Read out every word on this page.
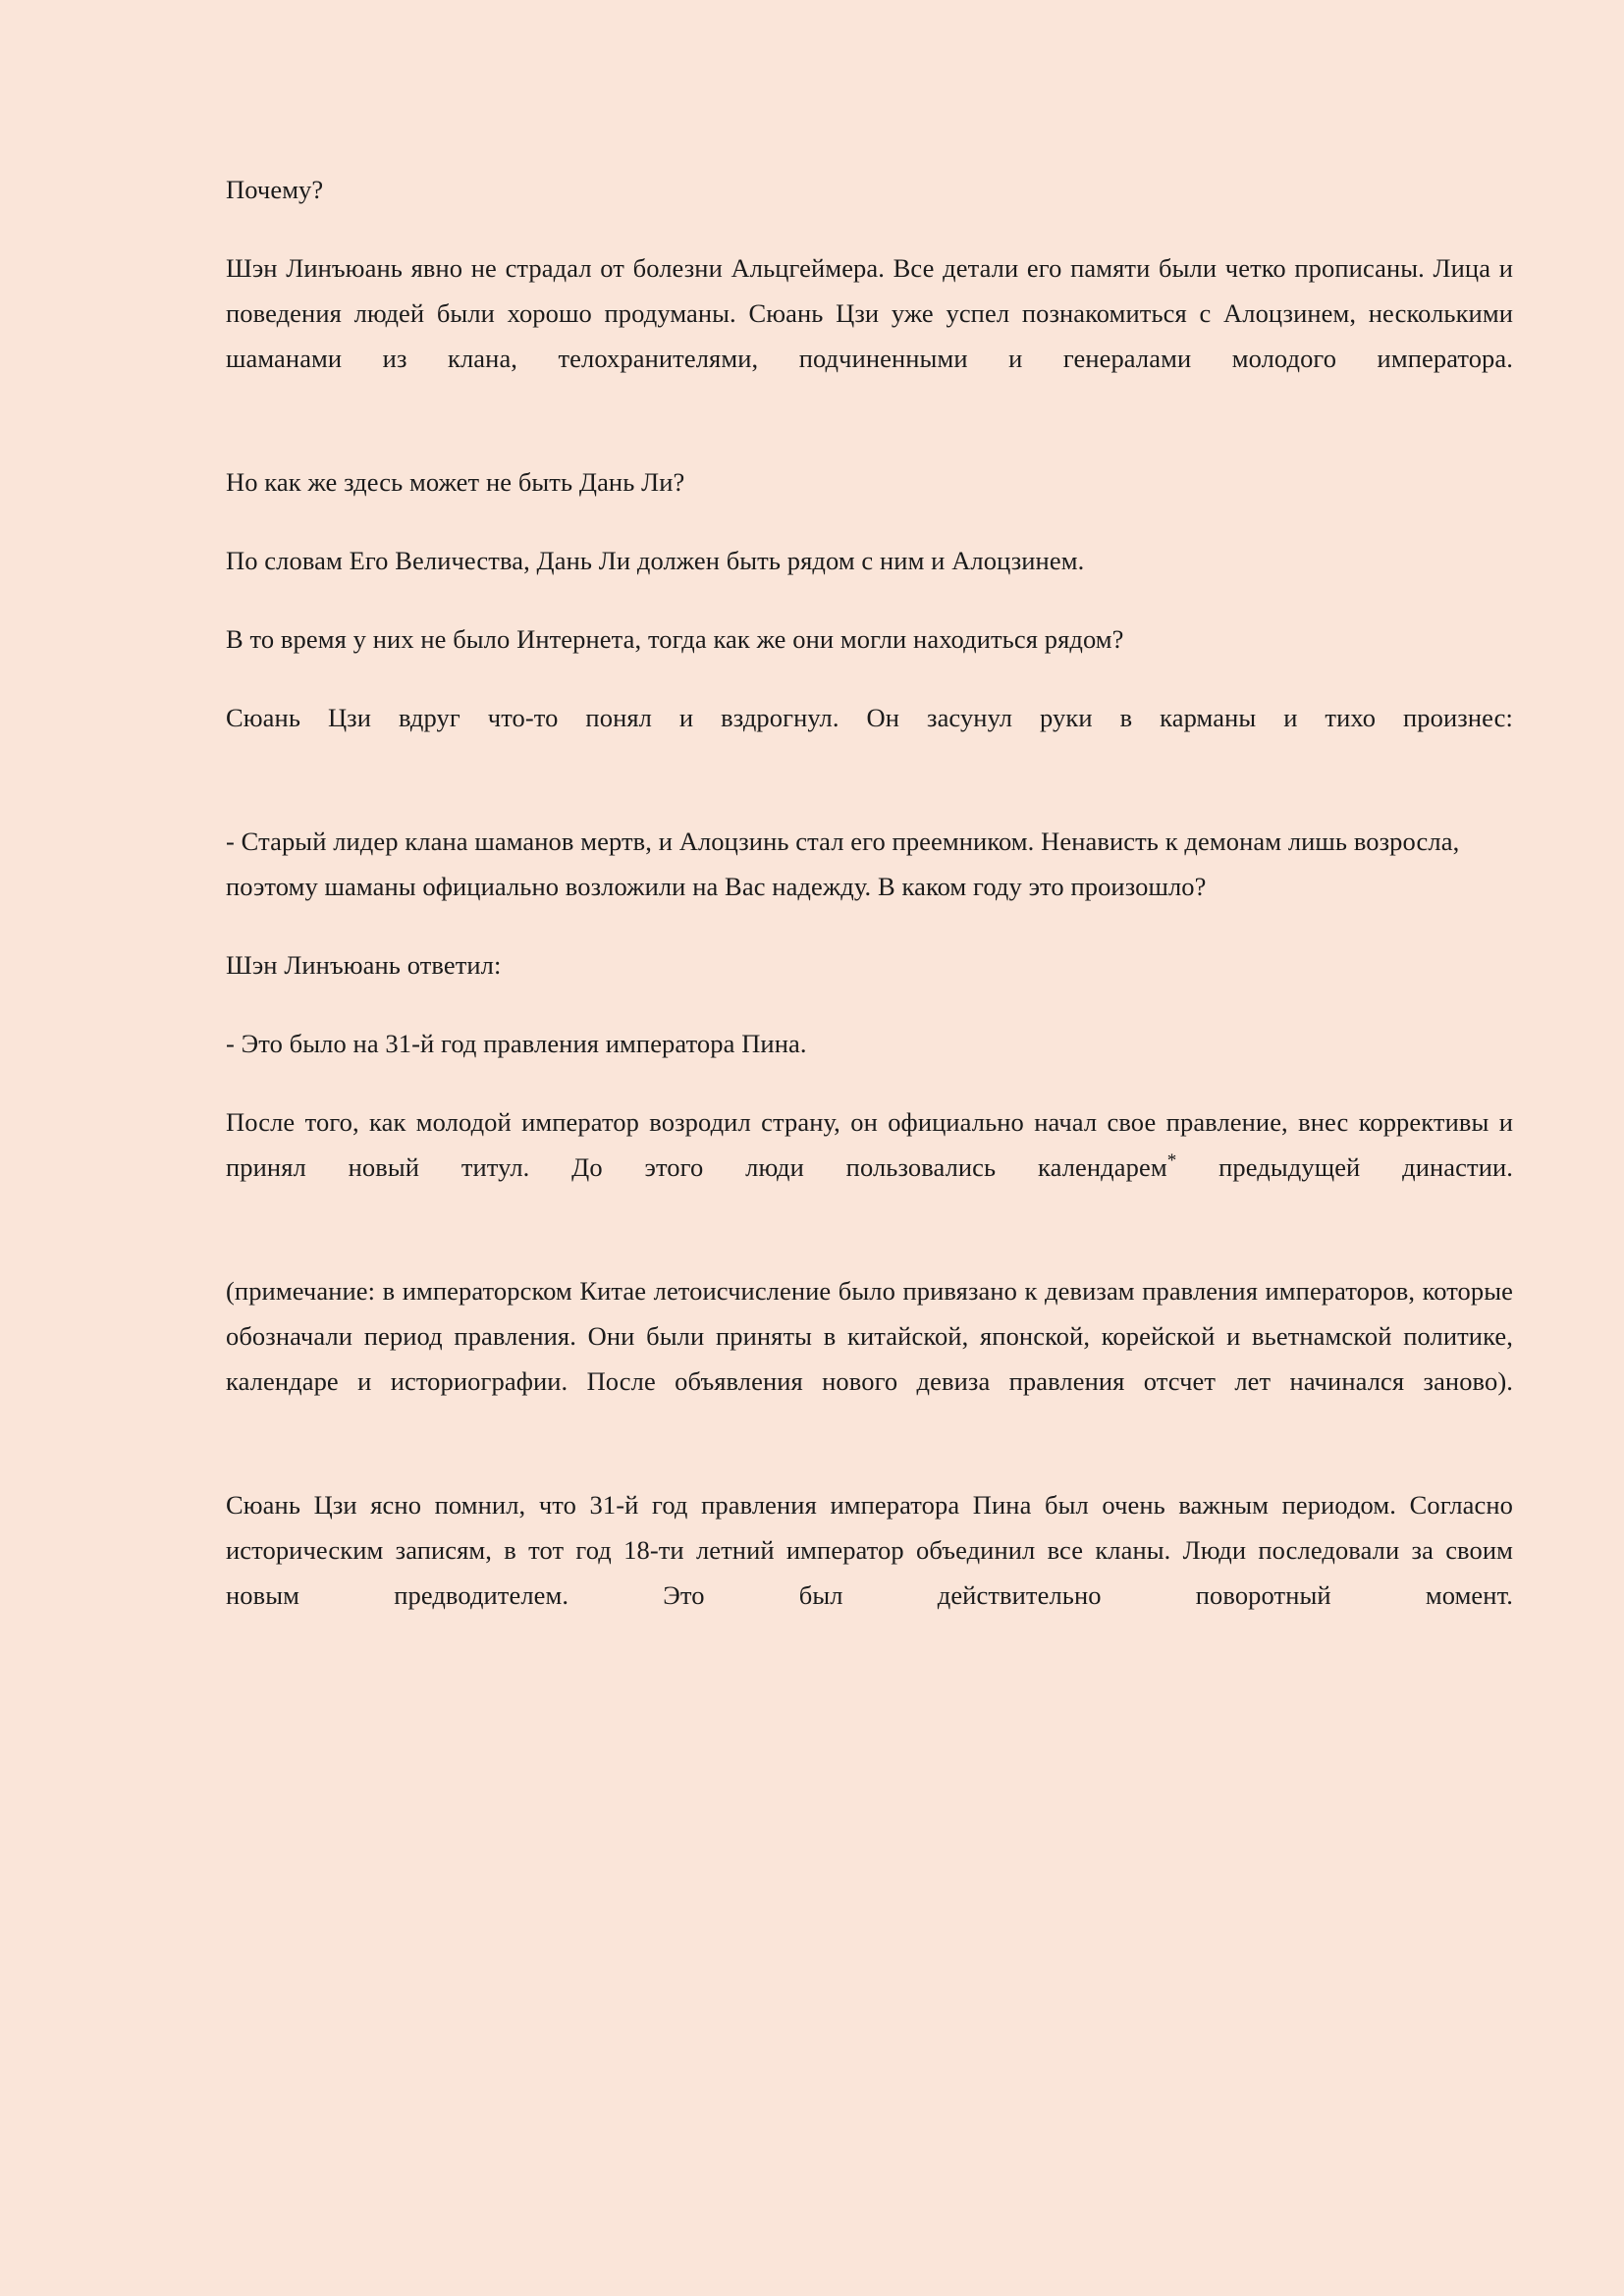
Почему?

Шэн Линъюань явно не страдал от болезни Альцгеймера. Все детали его памяти были четко прописаны. Лица и поведения людей были хорошо продуманы. Сюань Цзи уже успел познакомиться с Алоцзинем, несколькими шаманами из клана, телохранителями, подчиненными и генералами молодого императора.

Но как же здесь может не быть Дань Ли?

По словам Его Величества, Дань Ли должен быть рядом с ним и Алоцзинем.

В то время у них не было Интернета, тогда как же они могли находиться рядом?

Сюань Цзи вдруг что-то понял и вздрогнул. Он засунул руки в карманы и тихо произнес:

- Старый лидер клана шаманов мертв, и Алоцзинь стал его преемником. Ненависть к демонам лишь возросла, поэтому шаманы официально возложили на Вас надежду. В каком году это произошло?

Шэн Линъюань ответил:

- Это было на 31-й год правления императора Пина.

После того, как молодой император возродил страну, он официально начал свое правление, внес коррективы и принял новый титул. До этого люди пользовались календарем* предыдущей династии.

(примечание: в императорском Китае летоисчисление было привязано к девизам правления императоров, которые обозначали период правления. Они были приняты в китайской, японской, корейской и вьетнамской политике, календаре и историографии. После объявления нового девиза правления отсчет лет начинался заново).

Сюань Цзи ясно помнил, что 31-й год правления императора Пина был очень важным периодом. Согласно историческим записям, в тот год 18-ти летний император объединил все кланы. Люди последовали за своим новым предводителем. Это был действительно поворотный момент.
